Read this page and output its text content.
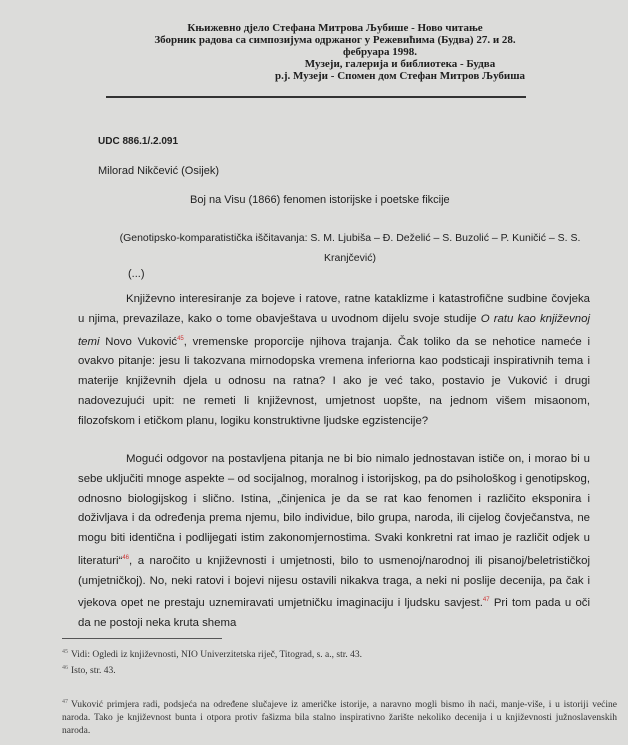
Књижевно дјело Стефана Митрова Љубише - Ново читање
Зборник радова са симпозијума одржаног у Режевићима (Будва) 27. и 28.
фебруара 1998.
Музеји, галерија и библиотека - Будва
р.ј. Музеји - Спомен дом Стефан Митров Љубиша
UDC 886.1/.2.091
Milorad Nikčević (Osijek)
Boj na Visu (1866) fenomen istorijske i poetske fikcije
(Genotipsko-komparatistička iščitavanja: S. M. Ljubiša – Đ. Deželić – S. Buzolić – P. Kuničić – S. S. Kranjčević)
(...)

Književno interesiranje za bojeve i ratove, ratne kataklizme i katastrofične sudbine čovjeka u njima, prevazilaze, kako o tome obavještava u uvodnom dijelu svoje studije O ratu kao književnoj temi Novo Vuković$^{45}$, vremenske proporcije njihova trajanja. Čak toliko da se nehotice nameće i ovakvo pitanje: jesu li takozvana mirnodopska vremena inferiorna kao podsticaji inspirativnih tema i materije književnih djela u odnosu na ratna? I ako je već tako, postavio je Vuković i drugi nadovezujući upit: ne remeti li književnost, umjetnost uopšte, na jednom višem misaonom, filozofskom i etičkom planu, logiku konstruktivne ljudske egzistencije?

Mogući odgovor na postavljena pitanja ne bi bio nimalo jednostavan ističe on, i morao bi u sebe uključiti mnoge aspekte – od socijalnog, moralnog i istorijskog, pa do psihološkog i genotipskog, odnosno biologijskog i slično. Istina, „činjenica je da se rat kao fenomen i različito eksponira i doživljava i da određenja prema njemu, bilo individue, bilo grupa, naroda, ili cijelog čovječanstva, ne mogu biti identična i podlijegati istim zakonomjernostima. Svaki konkretni rat imao je različit odjek u literaturi“$^{46}$, a naročito u književnosti i umjetnosti, bilo to usmenoj/narodnoj ili pisanoj/beletrističkoj (umjetničkoj). No, neki ratovi i bojevi nijesu ostavili nikakva traga, a neki ni poslije decenija, pa čak i vjekova opet ne prestaju uznemiravati umjetničku imaginaciju i ljudsku savjest.$^{47}$ Pri tom pada u oči da ne postoji neka kruta shema

$^{45}$ Vidi: Ogledi iz književnosti, NIO Univerzitetska riječ, Titograd, s. a., str. 43.

$^{46}$ Isto, str. 43.

$^{47}$ Vuković primjera radi, podsjeća na određene slučajeve iz američke istorije, a naravno mogli bismo ih naći, manje-više, i u istoriji većine naroda. Tako je književnost bunta i otpora protiv fašizma bila stalno inspirativno žarište nekoliko decenija i u književnosti južnoslavenskih naroda.
